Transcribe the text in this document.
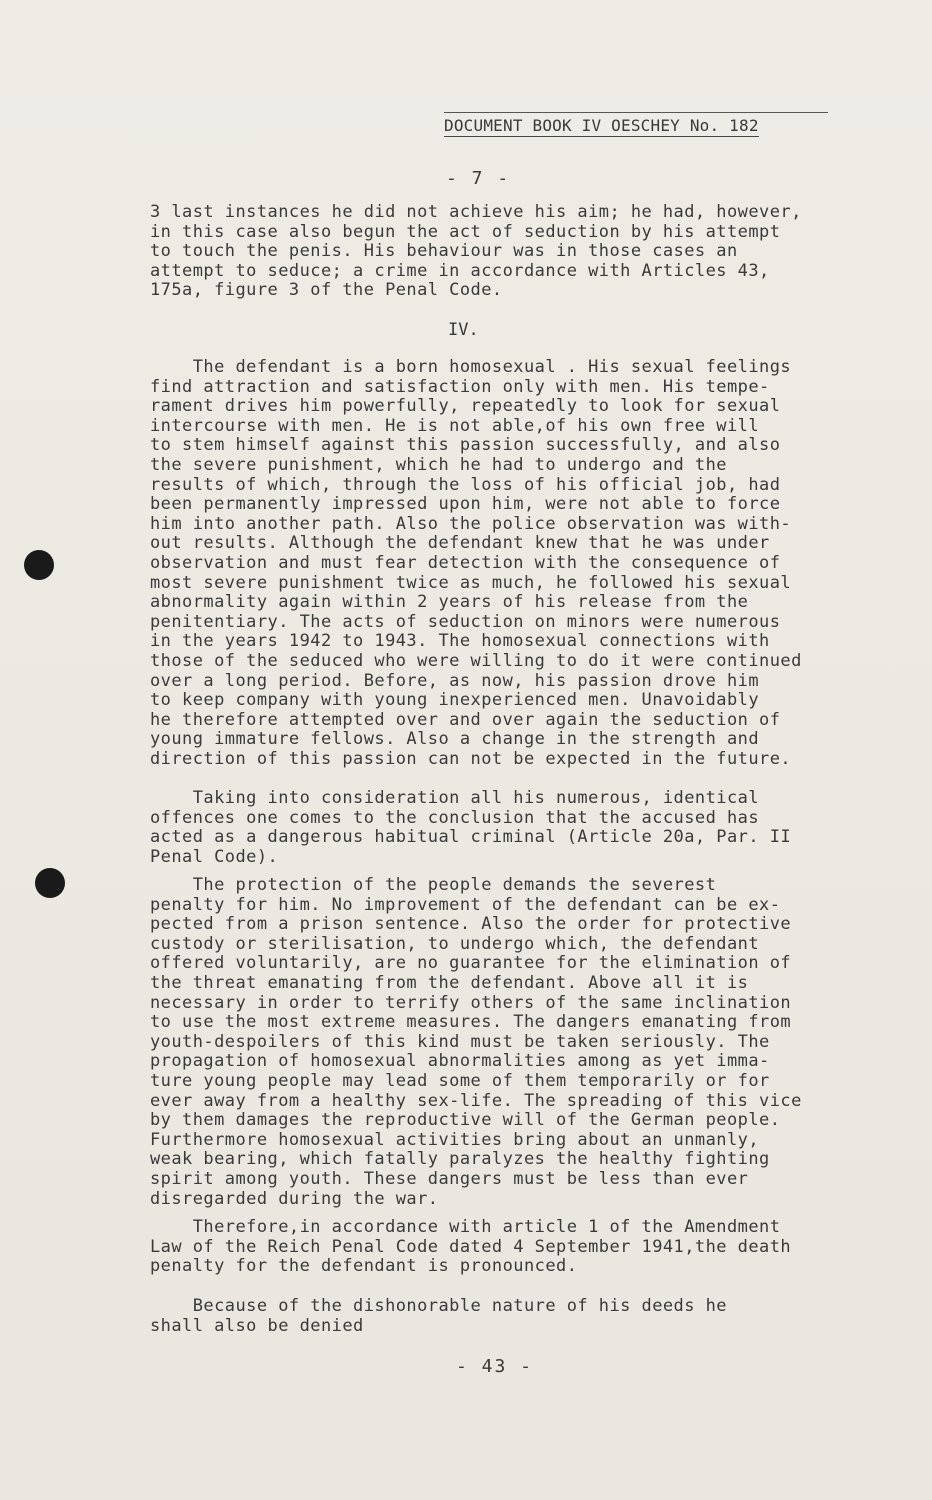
DOCUMENT BOOK IV OESCHEY No. 182
- 7 -
3 last instances he did not achieve his aim; he had, however,
in this case also begun the act of seduction by his attempt
to touch the penis. His behaviour was in those cases an
attempt to seduce; a crime in accordance with Articles 43,
175a, figure 3 of the Penal Code.
IV.
The defendant is a born homosexual . His sexual feelings
find attraction and satisfaction only with men. His tempe-
rament drives him powerfully, repeatedly to look for sexual
intercourse with men. He is not able,of his own free will
to stem himself against this passion successfully, and also
the severe punishment, which he had to undergo and the
results of which, through the loss of his official job, had
been permanently impressed upon him, were not able to force
him into another path. Also the police observation was with-
out results. Although the defendant knew that he was under
observation and must fear detection with the consequence of
most severe punishment twice as much, he followed his sexual
abnormality again within 2 years of his release from the
penitentiary. The acts of seduction on minors were numerous
in the years 1942 to 1943. The homosexual connections with
those of the seduced who were willing to do it were continued
over a long period. Before, as now, his passion drove him
to keep company with young inexperienced men. Unavoidably
he therefore attempted over and over again the seduction of
young immature fellows. Also a change in the strength and
direction of this passion can not be expected in the future.
Taking into consideration all his numerous, identical
offences one comes to the conclusion that the accused has
acted as a dangerous habitual criminal (Article 20a, Par. II
Penal Code).
The protection of the people demands the severest
penalty for him. No improvement of the defendant can be ex-
pected from a prison sentence. Also the order for protective
custody or sterilisation, to undergo which, the defendant
offered voluntarily, are no guarantee for the elimination of
the threat emanating from the defendant. Above all it is
necessary in order to terrify others of the same inclination
to use the most extreme measures. The dangers emanating from
youth-despoilers of this kind must be taken seriously. The
propagation of homosexual abnormalities among as yet imma-
ture young people may lead some of them temporarily or for
ever away from a healthy sex-life. The spreading of this vice
by them damages the reproductive will of the German people.
Furthermore homosexual activities bring about an unmanly,
weak bearing, which fatally paralyzes the healthy fighting
spirit among youth. These dangers must be less than ever
disregarded during the war.
Therefore,in accordance with article 1 of the Amendment
Law of the Reich Penal Code dated 4 September 1941,the death
penalty for the defendant is pronounced.
Because of the dishonorable nature of his deeds he
shall also be denied
- 43 -
